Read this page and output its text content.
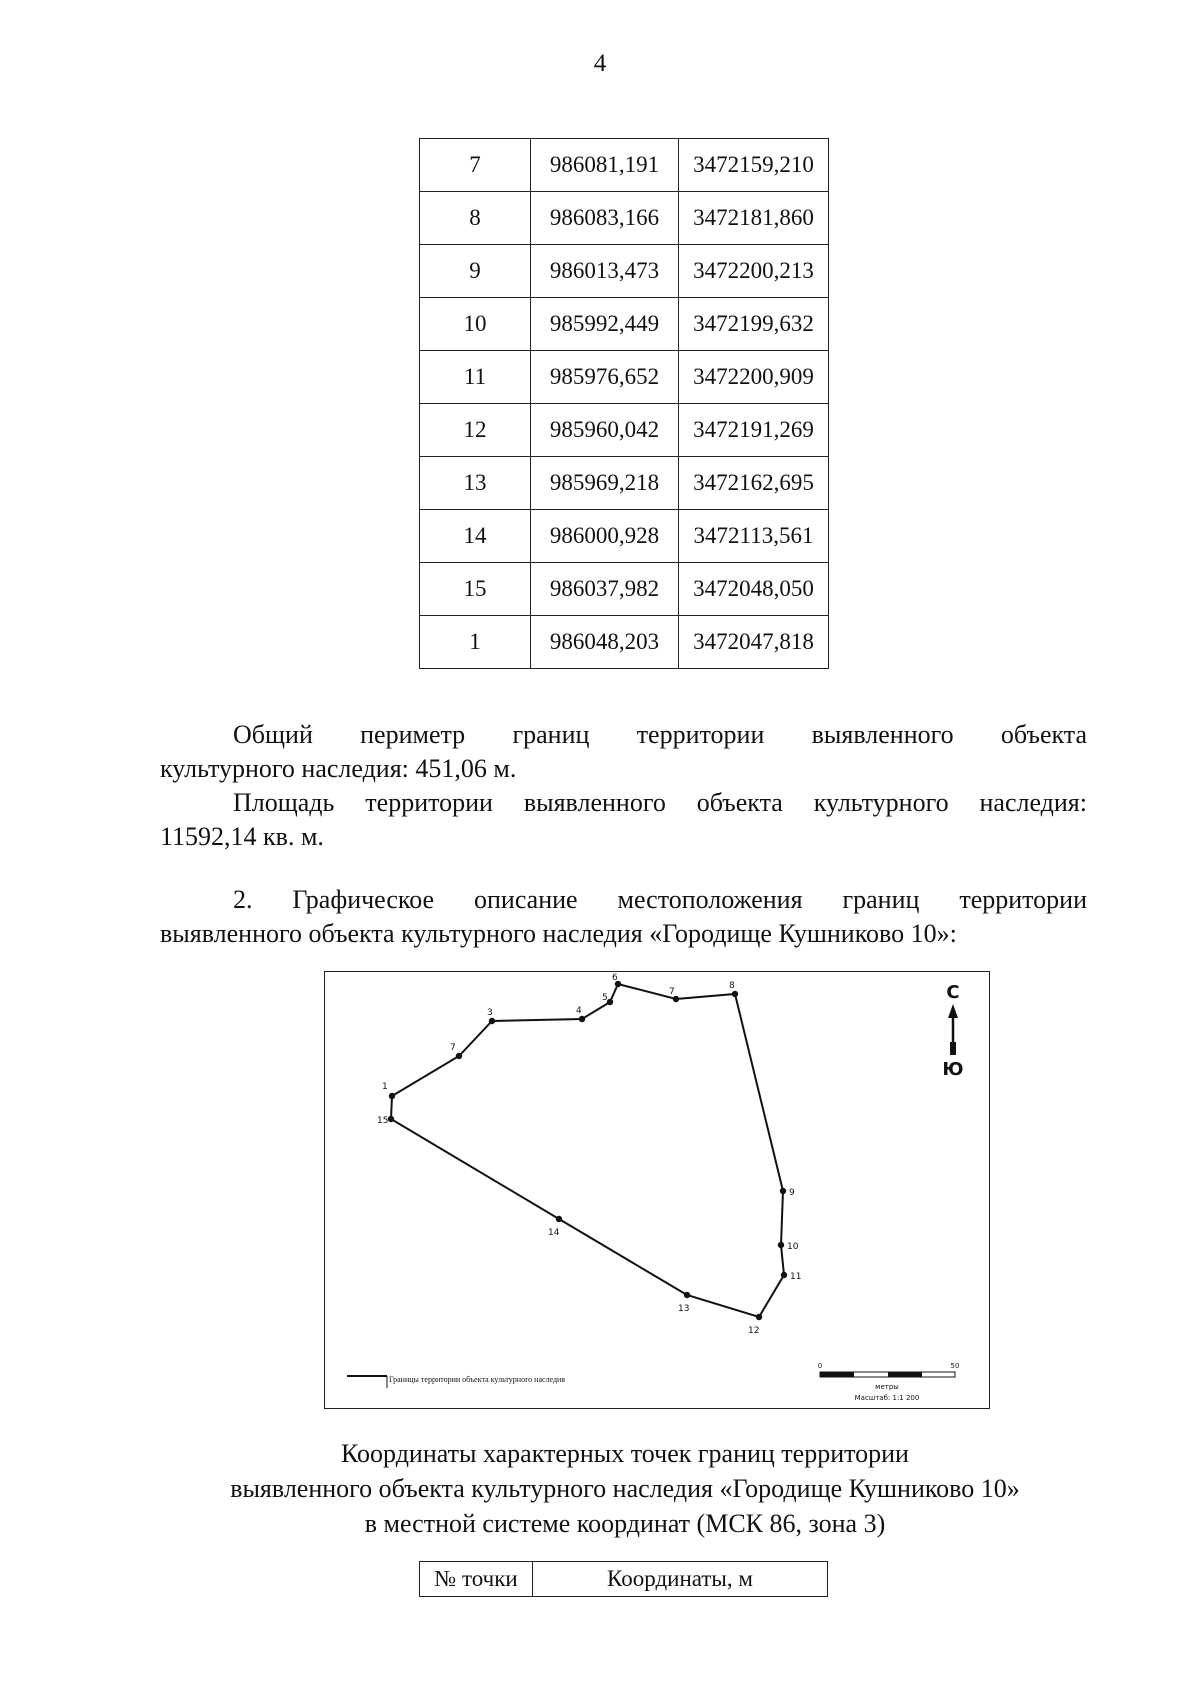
4
7	986081,191	3472159,210
8	986083,166	3472181,860
9	986013,473	3472200,213
10	985992,449	3472199,632
11	985976,652	3472200,909
12	985960,042	3472191,269
13	985969,218	3472162,695
14	986000,928	3472113,561
15	986037,982	3472048,050
1	986048,203	3472047,818
Общий периметр границ территории выявленного объекта
культурного наследия: 451,06 м.
Площадь территории выявленного объекта культурного наследия:
11592,14 кв. м.
2. Графическое описание местоположения границ территории
выявленного объекта культурного наследия «Городище Кушниково 10»:
1
7
3	4
5
6
7
8
9
10
11
12
13
14
15
С
Ю
Границы территории объекта культурного наследия
0	50
метры
Масштаб: 1:1 200
Координаты характерных точек границ территории
выявленного объекта культурного наследия «Городище Кушниково 10»
в местной системе координат (МСК 86, зона 3)
№ точки	Координаты, м
